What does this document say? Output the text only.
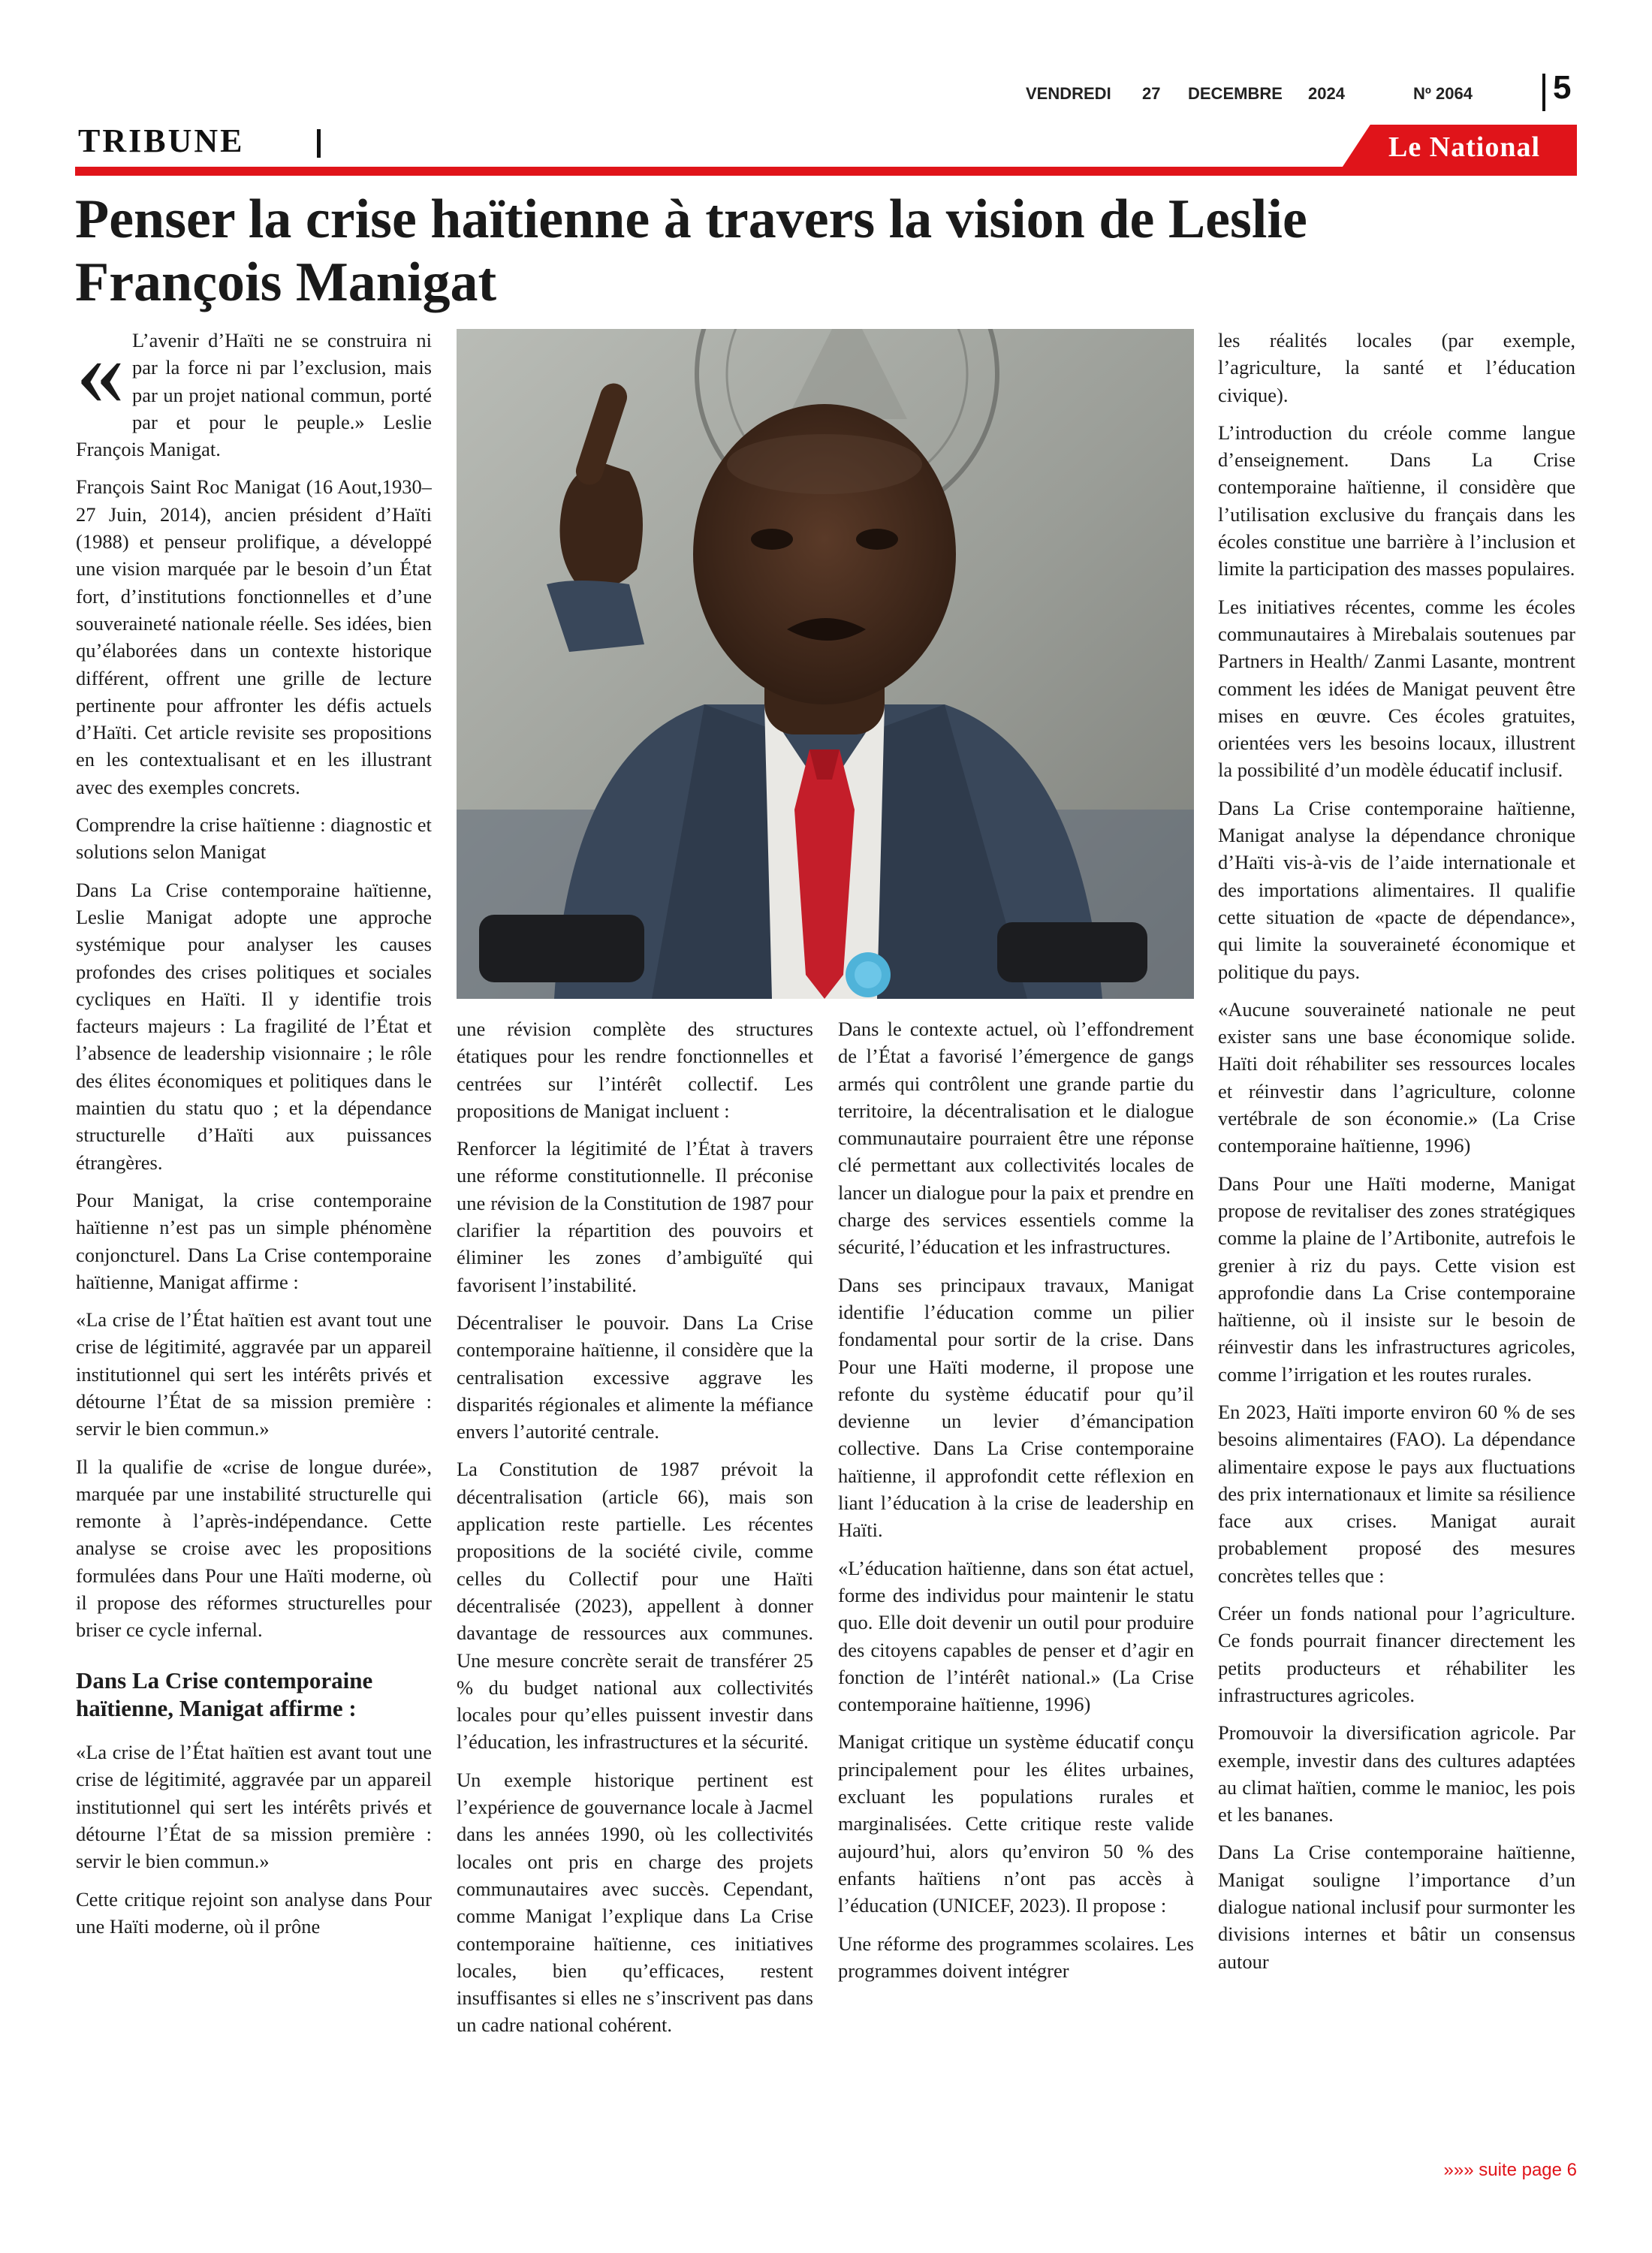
VENDREDI 27 DECEMBRE 2024	Nº 2064 5
TRIBUNE	Le National
Penser la crise haïtienne à travers la vision de Leslie
François Manigat

« L’avenir d’Haïti ne se construira ni par la force ni par l’exclusion, mais par un projet national commun, porté par et pour le peuple.» Leslie François Manigat.

François Saint Roc Manigat (16 Aout,1930– 27 Juin, 2014), ancien président d’Haïti (1988) et penseur prolifique, a développé une vision marquée par le besoin d’un État fort, d’institutions fonctionnelles et d’une souveraineté nationale réelle. Ses idées, bien qu’élaborées dans un contexte historique différent, offrent une grille de lecture pertinente pour affronter les défis actuels d’Haïti. Cet article revisite ses propositions en les contextualisant et en les illustrant avec des exemples concrets.

Comprendre la crise haïtienne : diagnostic et solutions selon Manigat

Dans La Crise contemporaine haïtienne, Leslie Manigat adopte une approche systémique pour analyser les causes profondes des crises politiques et sociales cycliques en Haïti. Il y identifie trois facteurs majeurs : La fragilité de l’État et l’absence de leadership visionnaire ; le rôle des élites économiques et politiques dans le maintien du statu quo ; et la dépendance structurelle d’Haïti aux puissances étrangères.

Pour Manigat, la crise contemporaine haïtienne n’est pas un simple phénomène conjoncturel. Dans La Crise contemporaine haïtienne, Manigat affirme :

«La crise de l’État haïtien est avant tout une crise de légitimité, aggravée par un appareil institutionnel qui sert les intérêts privés et détourne l’État de sa mission première : servir le bien commun.»

Il la qualifie de «crise de longue durée», marquée par une instabilité structurelle qui remonte à l’après-indépendance. Cette analyse se croise avec les propositions formulées dans Pour une Haïti moderne, où il propose des réformes structurelles pour briser ce cycle infernal.

Dans La Crise contemporaine haïtienne, Manigat affirme :

«La crise de l’État haïtien est avant tout une crise de légitimité, aggravée par un appareil institutionnel qui sert les intérêts privés et détourne l’État de sa mission première : servir le bien commun.»

Cette critique rejoint son analyse dans Pour une Haïti moderne, où il prône

une révision complète des structures étatiques pour les rendre fonctionnelles et centrées sur l’intérêt collectif. Les propositions de Manigat incluent :

Renforcer la légitimité de l’État à travers une réforme constitutionnelle. Il préconise une révision de la Constitution de 1987 pour clarifier la répartition des pouvoirs et éliminer les zones d’ambiguïté qui favorisent l’instabilité.

Décentraliser le pouvoir. Dans La Crise contemporaine haïtienne, il considère que la centralisation excessive aggrave les disparités régionales et alimente la méfiance envers l’autorité centrale.

La Constitution de 1987 prévoit la décentralisation (article 66), mais son application reste partielle. Les récentes propositions de la société civile, comme celles du Collectif pour une Haïti décentralisée (2023), appellent à donner davantage de ressources aux communes. Une mesure concrète serait de transférer 25 % du budget national aux collectivités locales pour qu’elles puissent investir dans l’éducation, les infrastructures et la sécurité.

Un exemple historique pertinent est l’expérience de gouvernance locale à Jacmel dans les années 1990, où les collectivités locales ont pris en charge des projets communautaires avec succès. Cependant, comme Manigat l’explique dans La Crise contemporaine haïtienne, ces initiatives locales, bien qu’efficaces, restent insuffisantes si elles ne s’inscrivent pas dans un cadre national cohérent.

Dans le contexte actuel, où l’effondrement de l’État a favorisé l’émergence de gangs armés qui contrôlent une grande partie du territoire, la décentralisation et le dialogue communautaire pourraient être une réponse clé permettant aux collectivités locales de lancer un dialogue pour la paix et prendre en charge des services essentiels comme la sécurité, l’éducation et les infrastructures.

Dans ses principaux travaux, Manigat identifie l’éducation comme un pilier fondamental pour sortir de la crise. Dans Pour une Haïti moderne, il propose une refonte du système éducatif pour qu’il devienne un levier d’émancipation collective. Dans La Crise contemporaine haïtienne, il approfondit cette réflexion en liant l’éducation à la crise de leadership en Haïti.

«L’éducation haïtienne, dans son état actuel, forme des individus pour maintenir le statu quo. Elle doit devenir un outil pour produire des citoyens capables de penser et d’agir en fonction de l’intérêt national.» (La Crise contemporaine haïtienne, 1996)

Manigat critique un système éducatif conçu principalement pour les élites urbaines, excluant les populations rurales et marginalisées. Cette critique reste valide aujourd’hui, alors qu’environ 50 % des enfants haïtiens n’ont pas accès à l’éducation (UNICEF, 2023). Il propose :

Une réforme des programmes scolaires. Les programmes doivent intégrer

les réalités locales (par exemple, l’agriculture, la santé et l’éducation civique).

L’introduction du créole comme langue d’enseignement. Dans La Crise contemporaine haïtienne, il considère que l’utilisation exclusive du français dans les écoles constitue une barrière à l’inclusion et limite la participation des masses populaires.

Les initiatives récentes, comme les écoles communautaires à Mirebalais soutenues par Partners in Health/ Zanmi Lasante, montrent comment les idées de Manigat peuvent être mises en œuvre. Ces écoles gratuites, orientées vers les besoins locaux, illustrent la possibilité d’un modèle éducatif inclusif.

Dans La Crise contemporaine haïtienne, Manigat analyse la dépendance chronique d’Haïti vis-à-vis de l’aide internationale et des importations alimentaires. Il qualifie cette situation de «pacte de dépendance», qui limite la souveraineté économique et politique du pays.

«Aucune souveraineté nationale ne peut exister sans une base économique solide. Haïti doit réhabiliter ses ressources locales et réinvestir dans l’agriculture, colonne vertébrale de son économie.» (La Crise contemporaine haïtienne, 1996)

Dans Pour une Haïti moderne, Manigat propose de revitaliser des zones stratégiques comme la plaine de l’Artibonite, autrefois le grenier à riz du pays. Cette vision est approfondie dans La Crise contemporaine haïtienne, où il insiste sur le besoin de réinvestir dans les infrastructures agricoles, comme l’irrigation et les routes rurales.

En 2023, Haïti importe environ 60 % de ses besoins alimentaires (FAO). La dépendance alimentaire expose le pays aux fluctuations des prix internationaux et limite sa résilience face aux crises. Manigat aurait probablement proposé des mesures concrètes telles que :

Créer un fonds national pour l’agriculture. Ce fonds pourrait financer directement les petits producteurs et réhabiliter les infrastructures agricoles.

Promouvoir la diversification agricole. Par exemple, investir dans des cultures adaptées au climat haïtien, comme le manioc, les pois et les bananes.

Dans La Crise contemporaine haïtienne, Manigat souligne l’importance d’un dialogue national inclusif pour surmonter les divisions internes et bâtir un consensus autour

»»» suite page 6
